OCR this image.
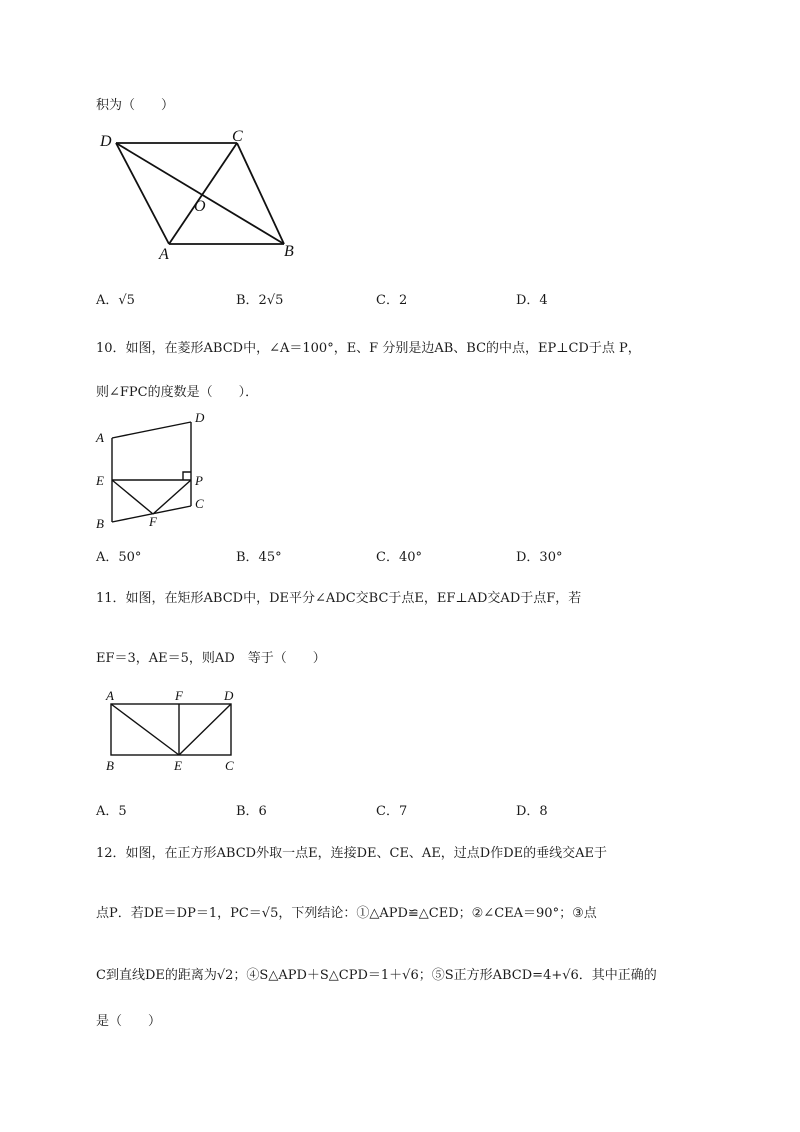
积为（　　）
D	C
O
A	B
A．√5	B．2√5	C．2	D．4
10．如图，在菱形ABCD中，∠A＝100°，E、F 分别是边AB、BC的中点，EP⊥CD于点 P，
则∠FPC的度数是（　　）．
A
D
E	P
C
B	F
A．50°	B．45°	C．40°	D．30°
11．如图，在矩形ABCD中，DE平分∠ADC交BC于点E，EF⊥AD交AD于点F，若
EF＝3，AE＝5，则AD　等于（　　）
A	F	D
B	E	C
A．5	B．6	C．7	D．8
12．如图，在正方形ABCD外取一点E，连接DE、CE、AE，过点D作DE的垂线交AE于
点P．若DE＝DP＝1，PC＝√5，下列结论：①△APD≌△CED；②∠CEA＝90°；③点
C到直线DE的距离为√2；④S△APD＋S△CPD＝1＋√6；⑤S正方形ABCD=4+√6．其中正确的
是（　　）
